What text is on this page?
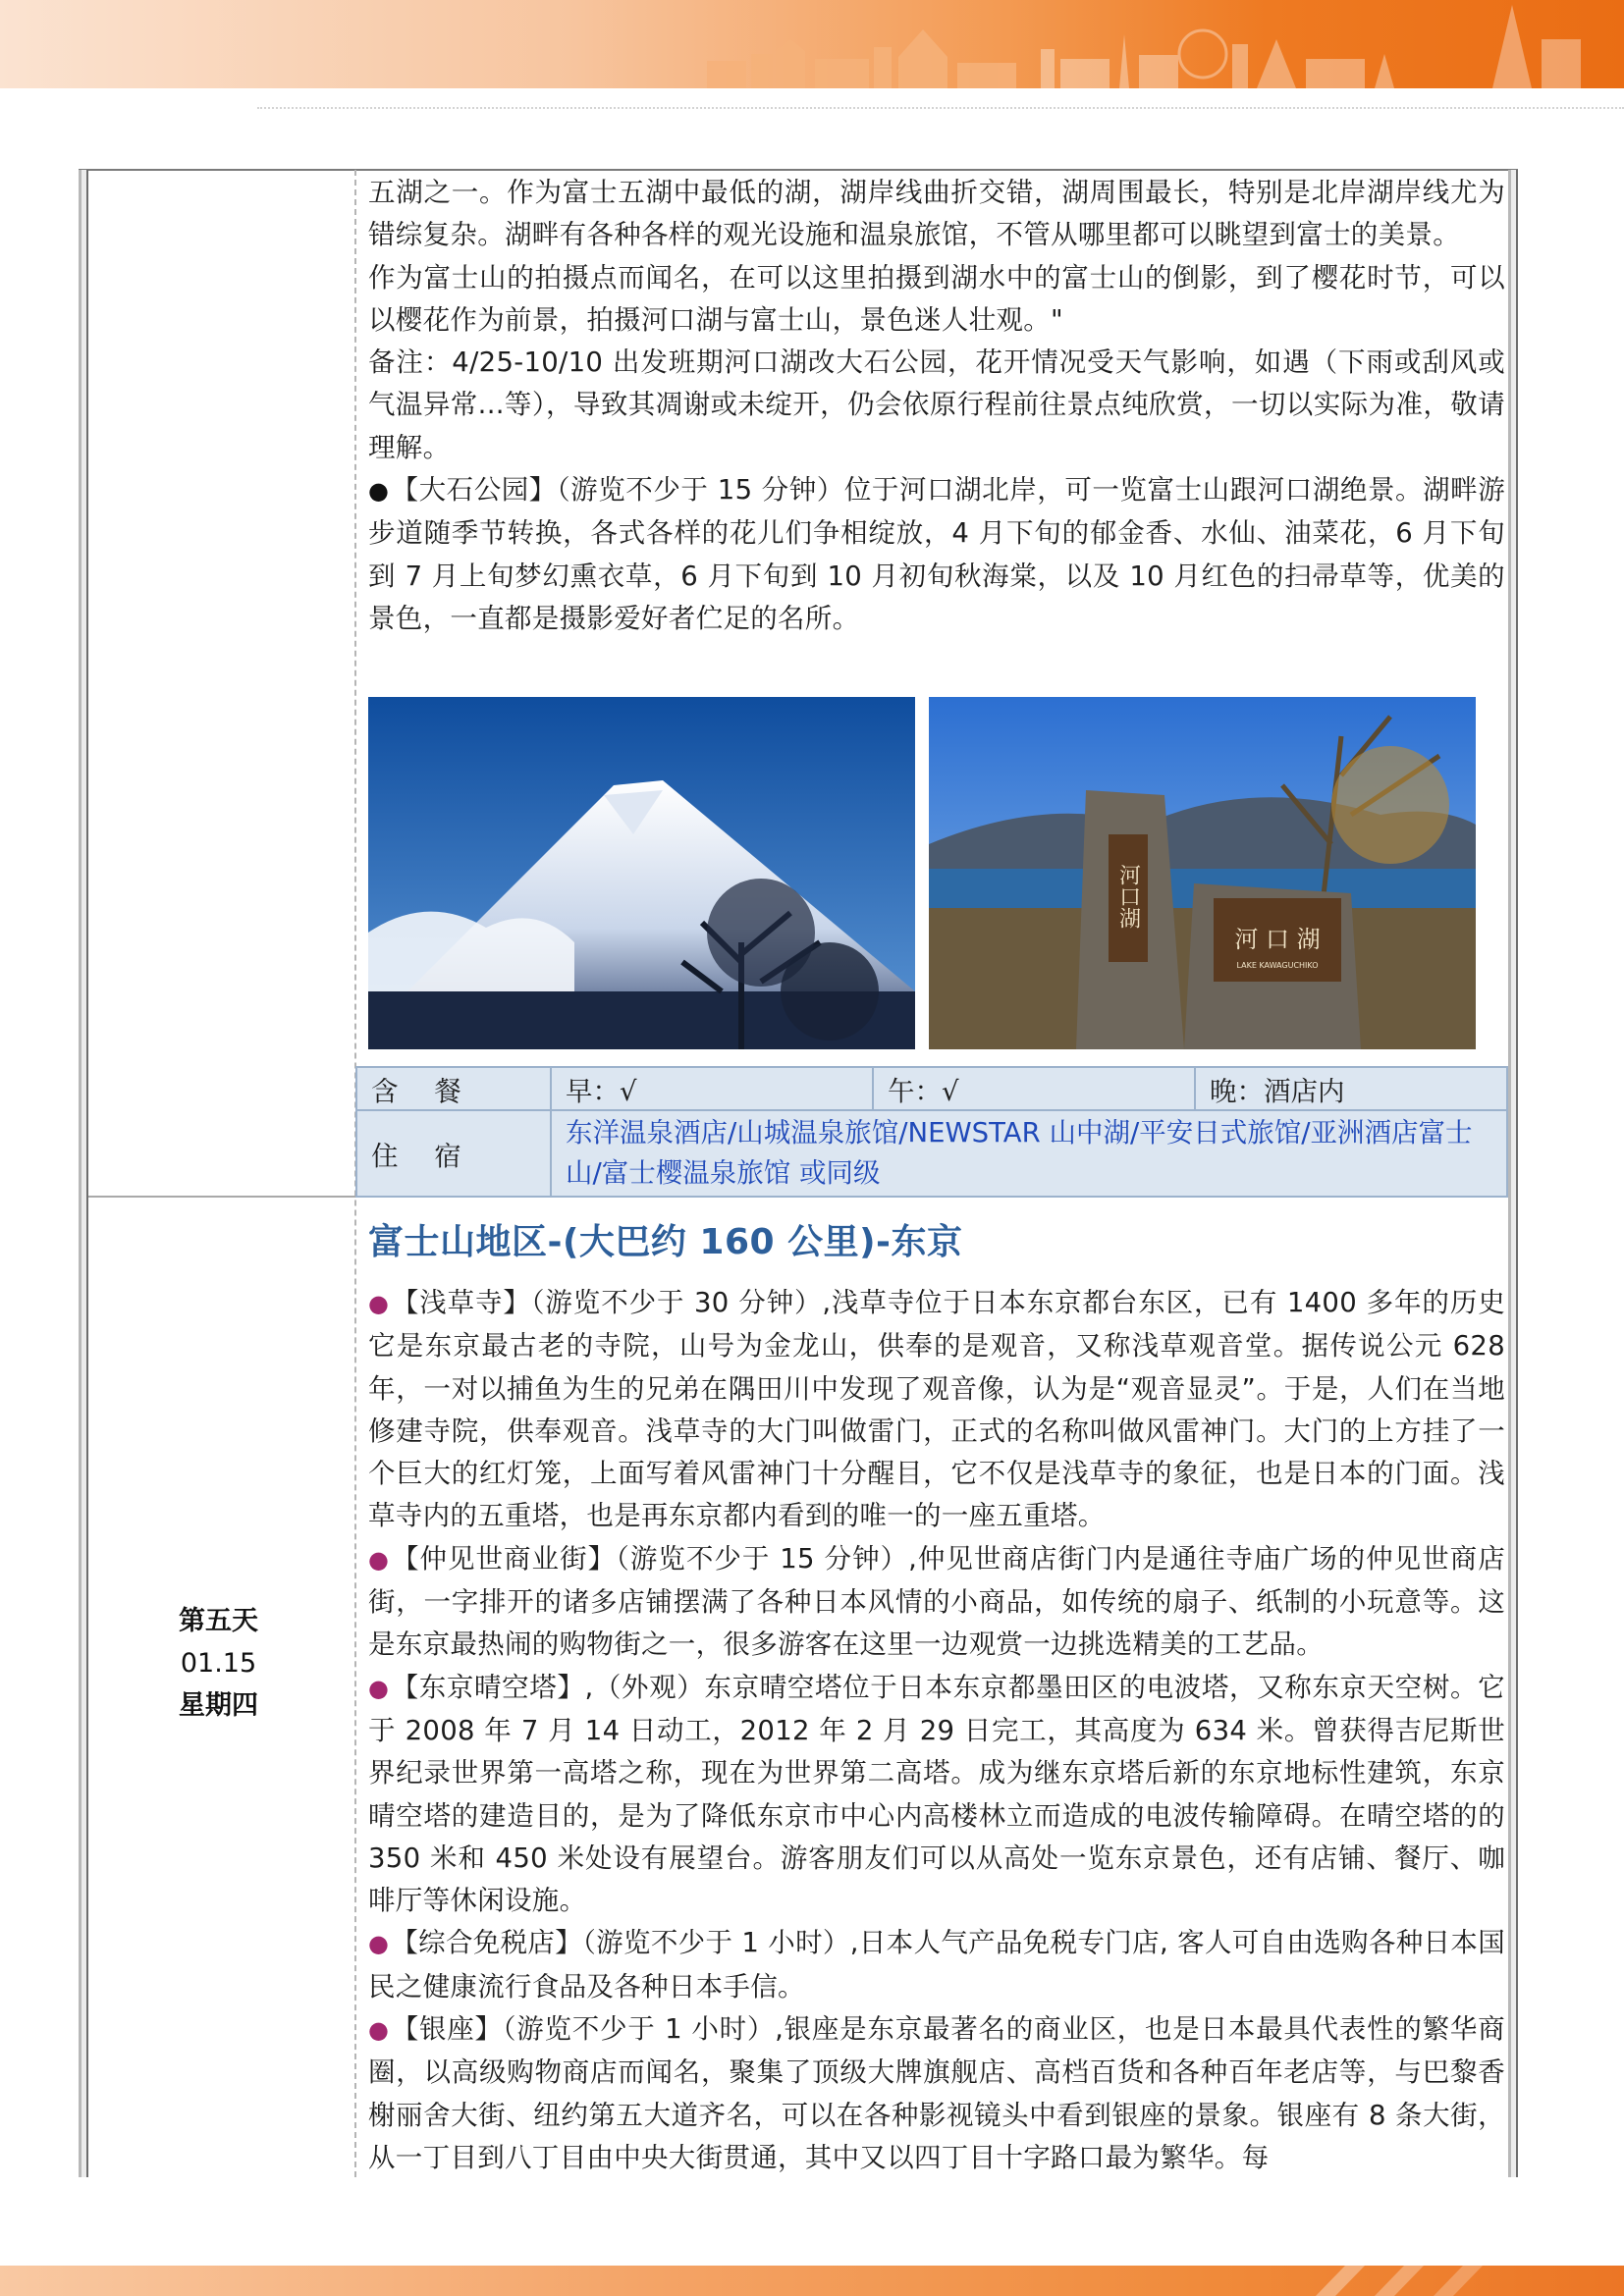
五湖之一。作为富士五湖中最低的湖，湖岸线曲折交错，湖周围最长，特别是北岸湖岸线尤为错综复杂。湖畔有各种各样的观光设施和温泉旅馆，不管从哪里都可以眺望到富士的美景。
作为富士山的拍摄点而闻名，在可以这里拍摄到湖水中的富士山的倒影，到了樱花时节，可以以樱花作为前景，拍摄河口湖与富士山，景色迷人壮观。"
备注：4/25-10/10 出发班期河口湖改大石公园，花开情况受天气影响，如遇（下雨或刮风或气温异常...等），导致其凋谢或未绽开，仍会依原行程前往景点纯欣赏，一切以实际为准，敬请理解。
●【大石公园】（游览不少于 15 分钟）位于河口湖北岸，可一览富士山跟河口湖绝景。湖畔游步道随季节转换，各式各样的花儿们争相绽放，4 月下旬的郁金香、水仙、油菜花，6 月下旬到 7 月上旬梦幻熏衣草，6 月下旬到 10 月初旬秋海棠，以及 10 月红色的扫帚草等，优美的景色，一直都是摄影爱好者伫足的名所。
河口湖
河 口 湖
LAKE KAWAGUCHIKO
含 餐	早：√	午：√	晚：酒店内
住 宿	东洋温泉酒店/山城温泉旅馆/NEWSTAR 山中湖/平安日式旅馆/亚洲酒店富士山/富士樱温泉旅馆 或同级		
第五天
01.15
星期四
富士山地区-(大巴约 160 公里)-东京
●【浅草寺】（游览不少于 30 分钟）,浅草寺位于日本东京都台东区，已有 1400 多年的历史它是东京最古老的寺院，山号为金龙山，供奉的是观音，又称浅草观音堂。据传说公元 628 年，一对以捕鱼为生的兄弟在隅田川中发现了观音像，认为是“观音显灵”。于是，人们在当地修建寺院，供奉观音。浅草寺的大门叫做雷门，正式的名称叫做风雷神门。大门的上方挂了一个巨大的红灯笼，上面写着风雷神门十分醒目，它不仅是浅草寺的象征，也是日本的门面。浅草寺内的五重塔，也是再东京都内看到的唯一的一座五重塔。
●【仲见世商业街】（游览不少于 15 分钟）,仲见世商店街门内是通往寺庙广场的仲见世商店街，一字排开的诸多店铺摆满了各种日本风情的小商品，如传统的扇子、纸制的小玩意等。这是东京最热闹的购物街之一，很多游客在这里一边观赏一边挑选精美的工艺品。
●【东京晴空塔】,（外观）东京晴空塔位于日本东京都墨田区的电波塔，又称东京天空树。它于 2008 年 7 月 14 日动工，2012 年 2 月 29 日完工，其高度为 634 米。曾获得吉尼斯世界纪录世界第一高塔之称，现在为世界第二高塔。成为继东京塔后新的东京地标性建筑，东京晴空塔的建造目的，是为了降低东京市中心内高楼林立而造成的电波传输障碍。在晴空塔的的 350 米和 450 米处设有展望台。游客朋友们可以从高处一览东京景色，还有店铺、餐厅、咖啡厅等休闲设施。
●【综合免税店】（游览不少于 1 小时）,日本人气产品免税专门店, 客人可自由选购各种日本国民之健康流行食品及各种日本手信。
●【银座】（游览不少于 1 小时）,银座是东京最著名的商业区，也是日本最具代表性的繁华商圈，以高级购物商店而闻名，聚集了顶级大牌旗舰店、高档百货和各种百年老店等，与巴黎香榭丽舍大街、纽约第五大道齐名，可以在各种影视镜头中看到银座的景象。银座有 8 条大街，从一丁目到八丁目由中央大街贯通，其中又以四丁目十字路口最为繁华。每
